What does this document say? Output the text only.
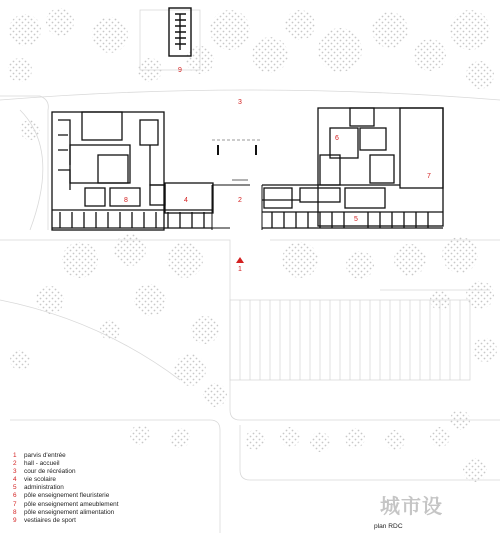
9
3
6
7
8	4	2
5
1
城市设
1 parvis d'entrée
2 hall - accueil
3 cour de récréation
4 vie scolaire
5 administration
6 pôle enseignement fleuristerie
7 pôle enseignement ameublement
8 pôle enseignement alimentation
9 vestiaires de sport
plan RDC
